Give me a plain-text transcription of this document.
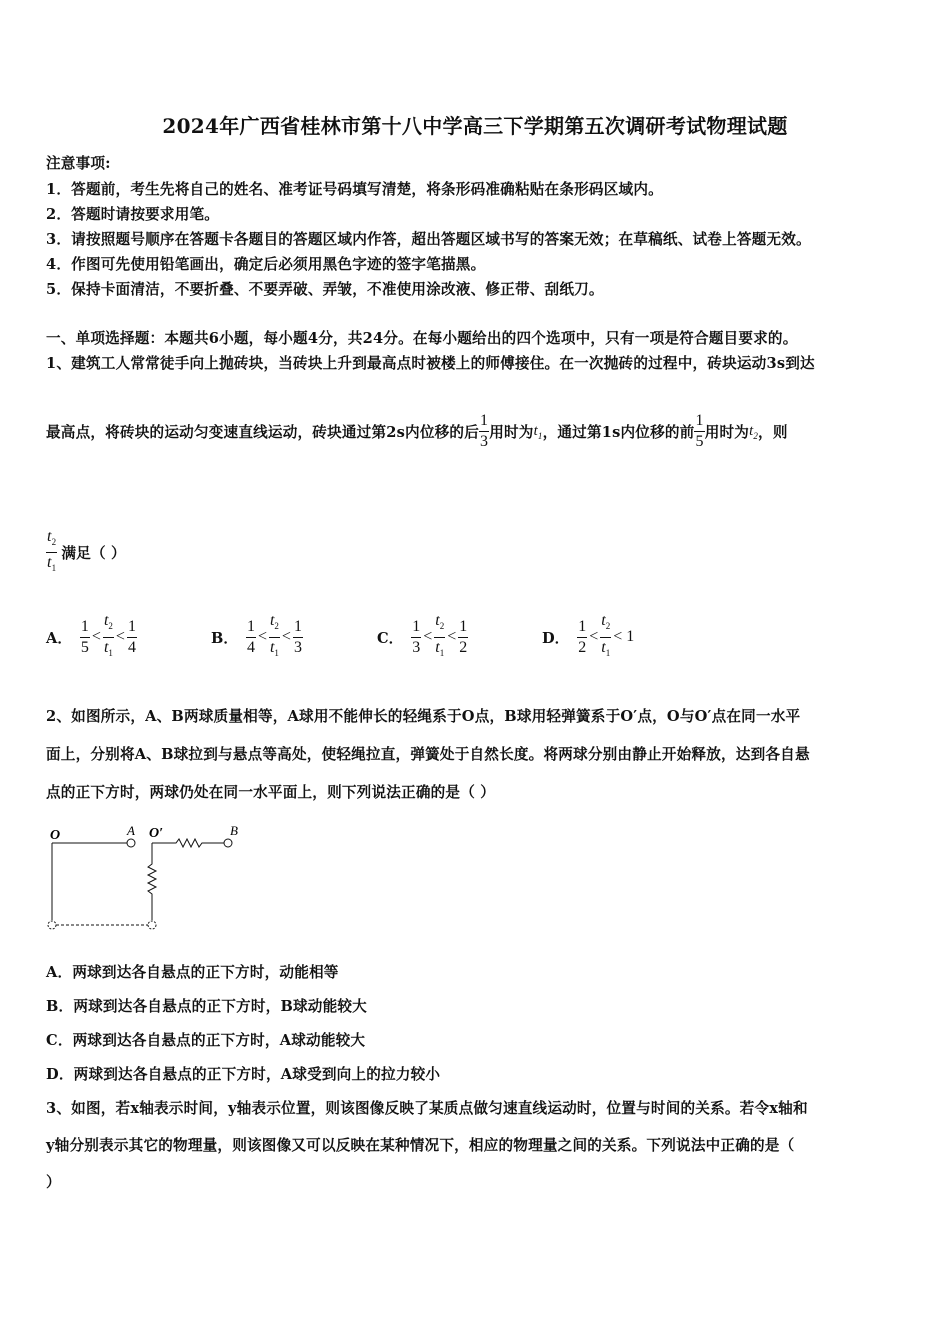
2024年广西省桂林市第十八中学高三下学期第五次调研考试物理试题
注意事项:
1．答题前，考生先将自己的姓名、准考证号码填写清楚，将条形码准确粘贴在条形码区域内。
2．答题时请按要求用笔。
3．请按照题号顺序在答题卡各题目的答题区域内作答，超出答题区域书写的答案无效；在草稿纸、试卷上答题无效。
4．作图可先使用铅笔画出，确定后必须用黑色字迹的签字笔描黑。
5．保持卡面清洁，不要折叠、不要弄破、弄皱，不准使用涂改液、修正带、刮纸刀。
一、单项选择题：本题共6小题，每小题4分，共24分。在每小题给出的四个选项中，只有一项是符合题目要求的。
1、建筑工人常常徒手向上抛砖块，当砖块上升到最高点时被楼上的师傅接住。在一次抛砖的过程中，砖块运动3s到达
最高点，将砖块的运动匀变速直线运动，砖块通过第2s内位移的后 $\frac{1}{3}$ 用时为 $t_1$ ，通过第1s内位移的前 $\frac{1}{5}$ 用时为 $t_2$ ，则
$\frac{t_2}{t_1}$ 满足（ ）
A． $\frac{1}{5} < \frac{t_2}{t_1} < \frac{1}{4}$	B． $\frac{1}{4} < \frac{t_2}{t_1} < \frac{1}{3}$	C． $\frac{1}{3} < \frac{t_2}{t_1} < \frac{1}{2}$	D． $\frac{1}{2} < \frac{t_2}{t_1} < 1$
2、如图所示，A、B两球质量相等，A球用不能伸长的轻绳系于O点，B球用轻弹簧系于O′点，O与O′点在同一水平
面上，分别将A、B球拉到与悬点等高处，使轻绳拉直，弹簧处于自然长度。将两球分别由静止开始释放，达到各自悬
点的正下方时，两球仍处在同一水平面上，则下列说法正确的是（ ）
O	A O′	B
A．两球到达各自悬点的正下方时，动能相等
B．两球到达各自悬点的正下方时，B球动能较大
C．两球到达各自悬点的正下方时，A球动能较大
D．两球到达各自悬点的正下方时，A球受到向上的拉力较小
3、如图，若x轴表示时间，y轴表示位置，则该图像反映了某质点做匀速直线运动时，位置与时间的关系。若令x轴和
y轴分别表示其它的物理量，则该图像又可以反映在某种情况下，相应的物理量之间的关系。下列说法中正确的是（
）
